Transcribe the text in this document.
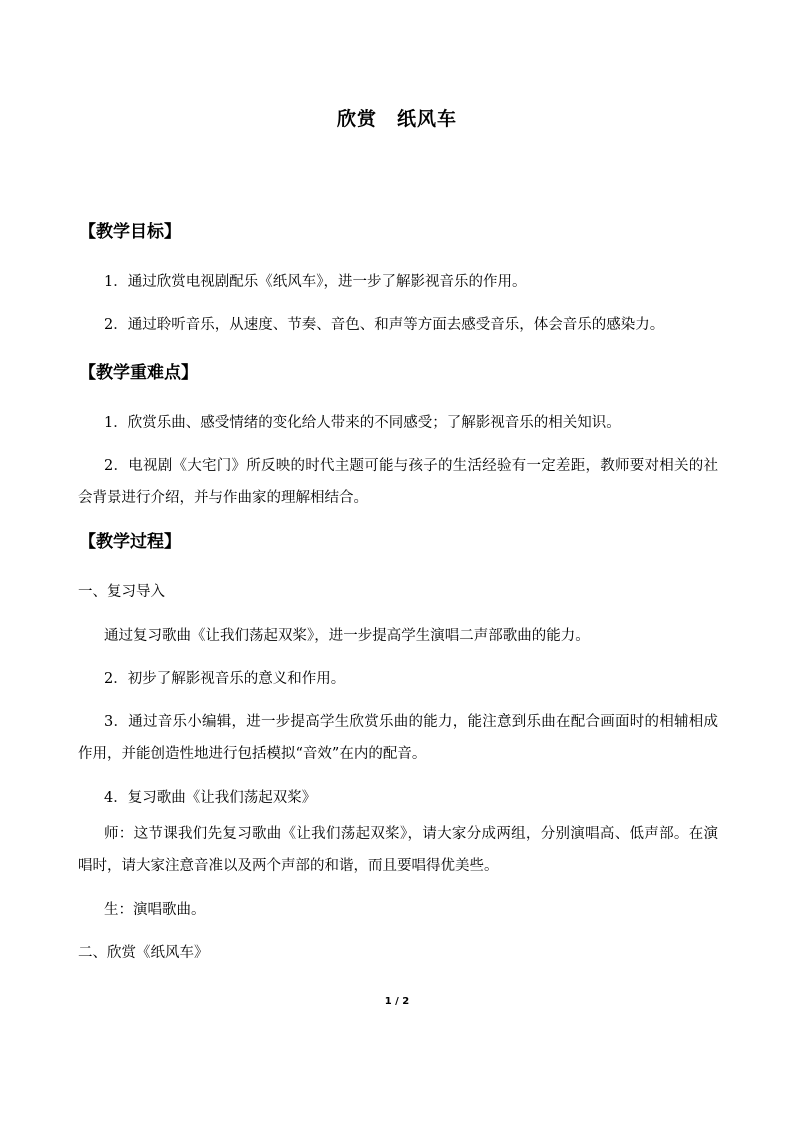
欣赏 纸风车
【教学目标】
1．通过欣赏电视剧配乐《纸风车》，进一步了解影视音乐的作用。
2．通过聆听音乐，从速度、节奏、音色、和声等方面去感受音乐，体会音乐的感染力。
【教学重难点】
1．欣赏乐曲、感受情绪的变化给人带来的不同感受；了解影视音乐的相关知识。
2．电视剧《大宅门》所反映的时代主题可能与孩子的生活经验有一定差距，教师要对相关的社会背景进行介绍，并与作曲家的理解相结合。
【教学过程】
一、复习导入
通过复习歌曲《让我们荡起双桨》，进一步提高学生演唱二声部歌曲的能力。
2．初步了解影视音乐的意义和作用。
3．通过音乐小编辑，进一步提高学生欣赏乐曲的能力，能注意到乐曲在配合画面时的相辅相成作用，并能创造性地进行包括模拟“音效”在内的配音。
4．复习歌曲《让我们荡起双桨》
师：这节课我们先复习歌曲《让我们荡起双桨》，请大家分成两组，分别演唱高、低声部。在演唱时，请大家注意音准以及两个声部的和谐，而且要唱得优美些。
生：演唱歌曲。
二、欣赏《纸风车》
1 / 2
